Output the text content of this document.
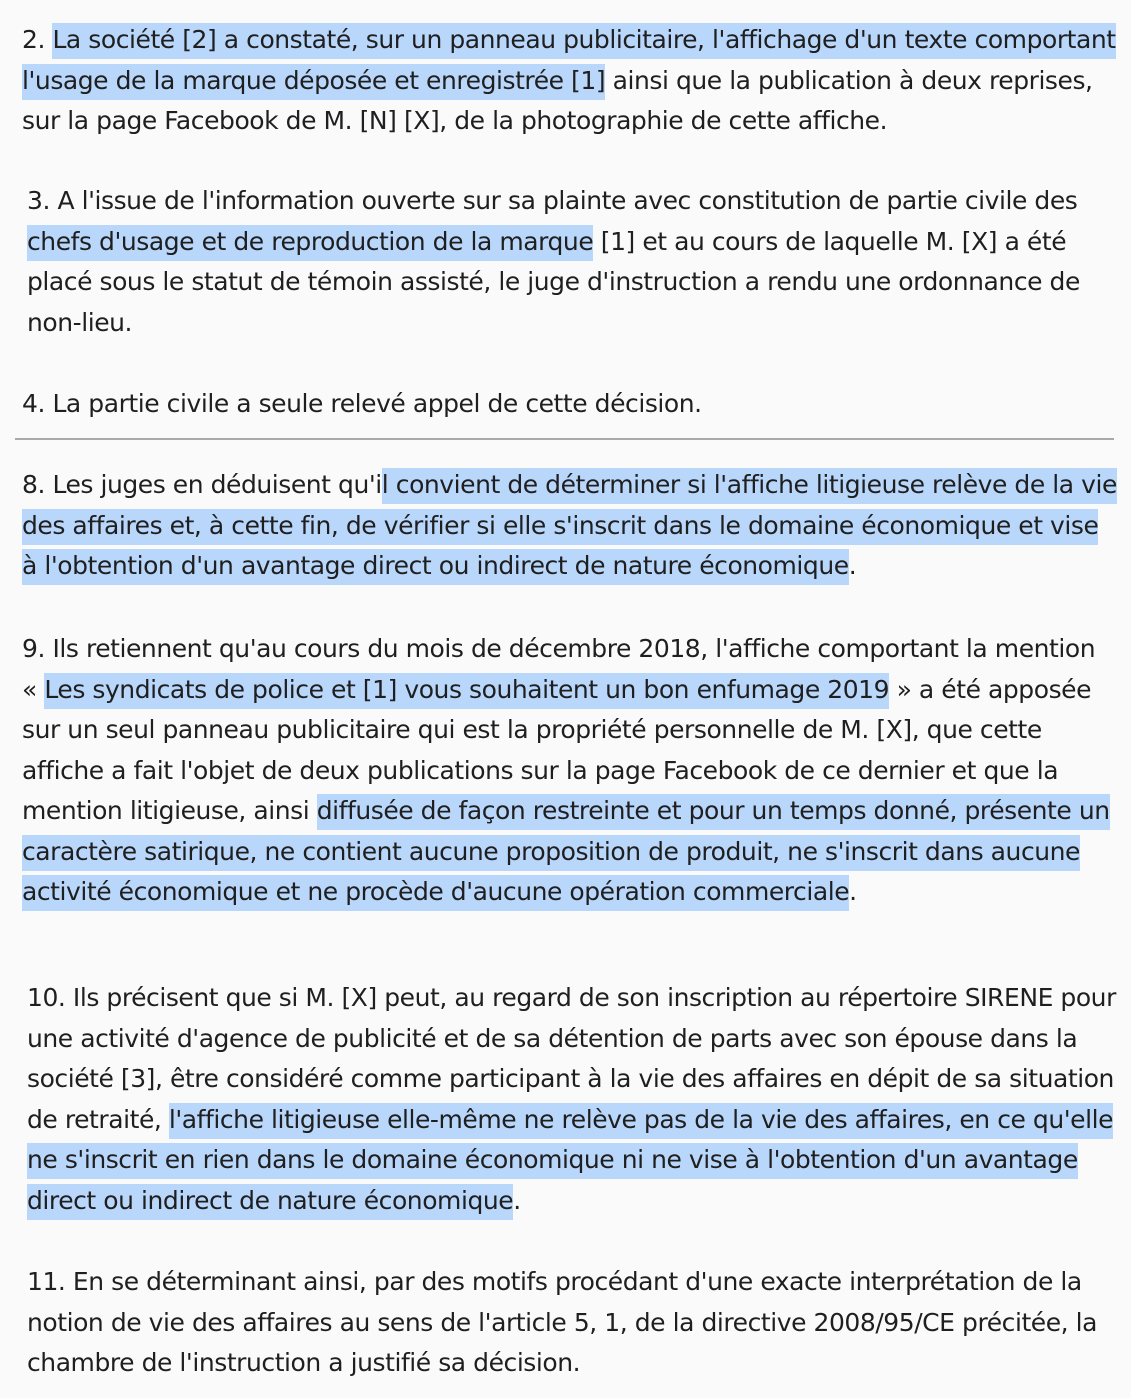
2. La société [2] a constaté, sur un panneau publicitaire, l'affichage d'un texte comportant l'usage de la marque déposée et enregistrée [1] ainsi que la publication à deux reprises, sur la page Facebook de M. [N] [X], de la photographie de cette affiche.

3. A l'issue de l'information ouverte sur sa plainte avec constitution de partie civile des chefs d'usage et de reproduction de la marque [1] et au cours de laquelle M. [X] a été placé sous le statut de témoin assisté, le juge d'instruction a rendu une ordonnance de non-lieu.

4. La partie civile a seule relevé appel de cette décision.

8. Les juges en déduisent qu'il convient de déterminer si l'affiche litigieuse relève de la vie des affaires et, à cette fin, de vérifier si elle s'inscrit dans le domaine économique et vise à l'obtention d'un avantage direct ou indirect de nature économique.

9. Ils retiennent qu'au cours du mois de décembre 2018, l'affiche comportant la mention « Les syndicats de police et [1] vous souhaitent un bon enfumage 2019 » a été apposée sur un seul panneau publicitaire qui est la propriété personnelle de M. [X], que cette affiche a fait l'objet de deux publications sur la page Facebook de ce dernier et que la mention litigieuse, ainsi diffusée de façon restreinte et pour un temps donné, présente un caractère satirique, ne contient aucune proposition de produit, ne s'inscrit dans aucune activité économique et ne procède d'aucune opération commerciale.

10. Ils précisent que si M. [X] peut, au regard de son inscription au répertoire SIRENE pour une activité d'agence de publicité et de sa détention de parts avec son épouse dans la société [3], être considéré comme participant à la vie des affaires en dépit de sa situation de retraité, l'affiche litigieuse elle-même ne relève pas de la vie des affaires, en ce qu'elle ne s'inscrit en rien dans le domaine économique ni ne vise à l'obtention d'un avantage direct ou indirect de nature économique.

11. En se déterminant ainsi, par des motifs procédant d'une exacte interprétation de la notion de vie des affaires au sens de l'article 5, 1, de la directive 2008/95/CE précitée, la chambre de l'instruction a justifié sa décision.
